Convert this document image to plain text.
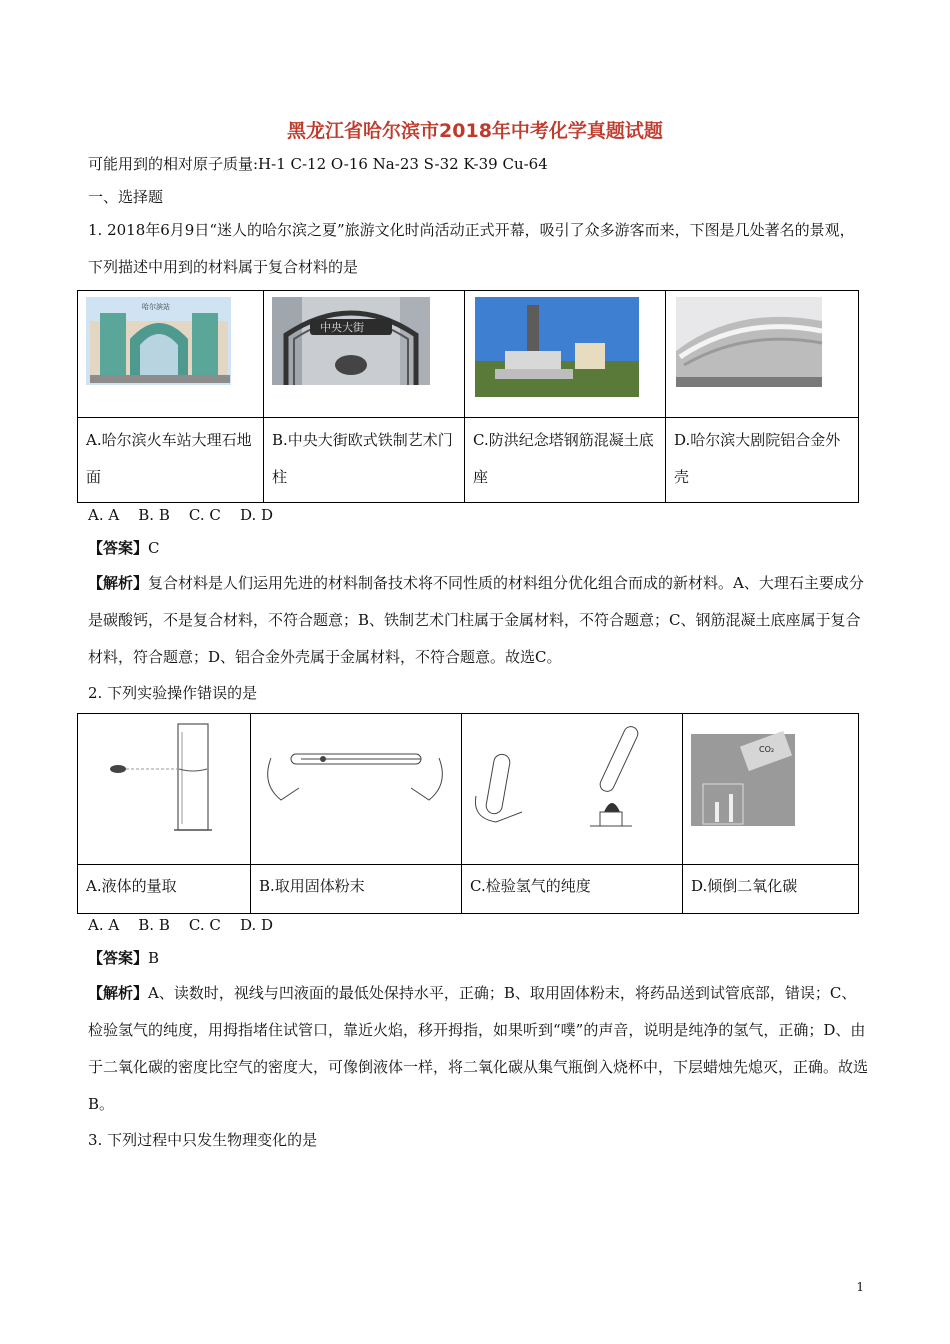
黑龙江省哈尔滨市2018年中考化学真题试题
可能用到的相对原子质量:H-1 C-12 O-16 Na-23 S-32 K-39 Cu-64
一、选择题
1. 2018年6月9日“迷人的哈尔滨之夏”旅游文化时尚活动正式开幕，吸引了众多游客而来，下图是几处著名的景观，下列描述中用到的材料属于复合材料的是
哈尔滨站	中央大街

A.哈尔滨火车站大理石地面	B.中央大街欧式铁制艺术门柱	C.防洪纪念塔钢筋混凝土底座	D.哈尔滨大剧院铝合金外壳
A. A    B. B    C. C    D. D
【答案】C
【解析】复合材料是人们运用先进的材料制备技术将不同性质的材料组分优化组合而成的新材料。A、大理石主要成分是碳酸钙，不是复合材料，不符合题意；B、铁制艺术门柱属于金属材料，不符合题意；C、钢筋混凝土底座属于复合材料，符合题意；D、铝合金外壳属于金属材料，不符合题意。故选C。
2. 下列实验操作错误的是

CO₂

A.液体的量取	B.取用固体粉末	C.检验氢气的纯度	D.倾倒二氧化碳
A. A    B. B    C. C    D. D
【答案】B
【解析】A、读数时，视线与凹液面的最低处保持水平，正确；B、取用固体粉末，将药品送到试管底部，错误；C、检验氢气的纯度，用拇指堵住试管口，靠近火焰，移开拇指，如果听到“噗”的声音，说明是纯净的氢气，正确；D、由于二氧化碳的密度比空气的密度大，可像倒液体一样，将二氧化碳从集气瓶倒入烧杯中，下层蜡烛先熄灭，正确。故选B。
3. 下列过程中只发生物理变化的是
1
